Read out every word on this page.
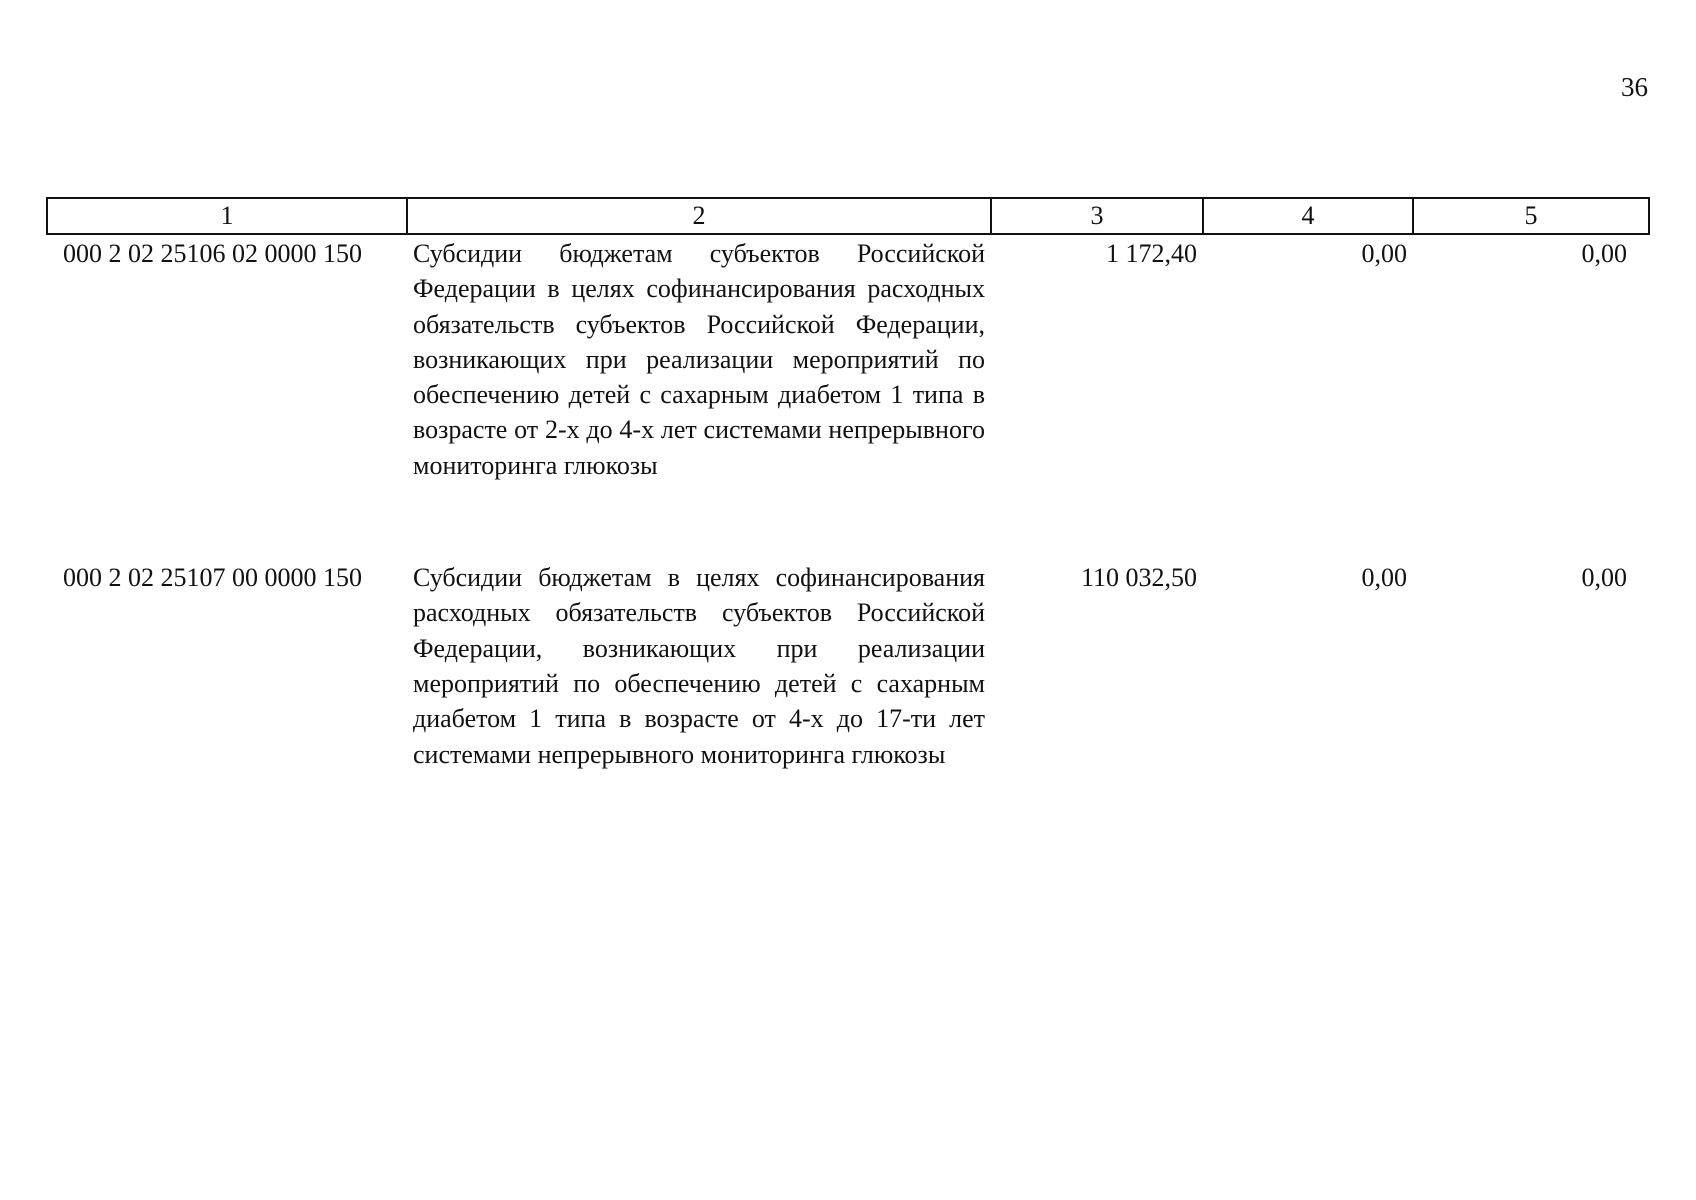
36
1	2	3	4	5
000 2 02 25106 02 0000 150	Субсидии бюджетам субъектов Российской Федерации в целях софинансирования расходных обязательств субъектов Российской Федерации, возникающих при реализации мероприятий по обеспечению детей с сахарным диабетом 1 типа в возрасте от 2-х до 4-х лет системами непрерывного мониторинга глюкозы	1 172,40	0,00	0,00
000 2 02 25107 00 0000 150	Субсидии бюджетам в целях софинансирования расходных обязательств субъектов Российской Федерации, возникающих при реализации мероприятий по обеспечению детей с сахарным диабетом 1 типа в возрасте от 4-х до 17-ти лет системами непрерывного мониторинга глюкозы	110 032,50	0,00	0,00
